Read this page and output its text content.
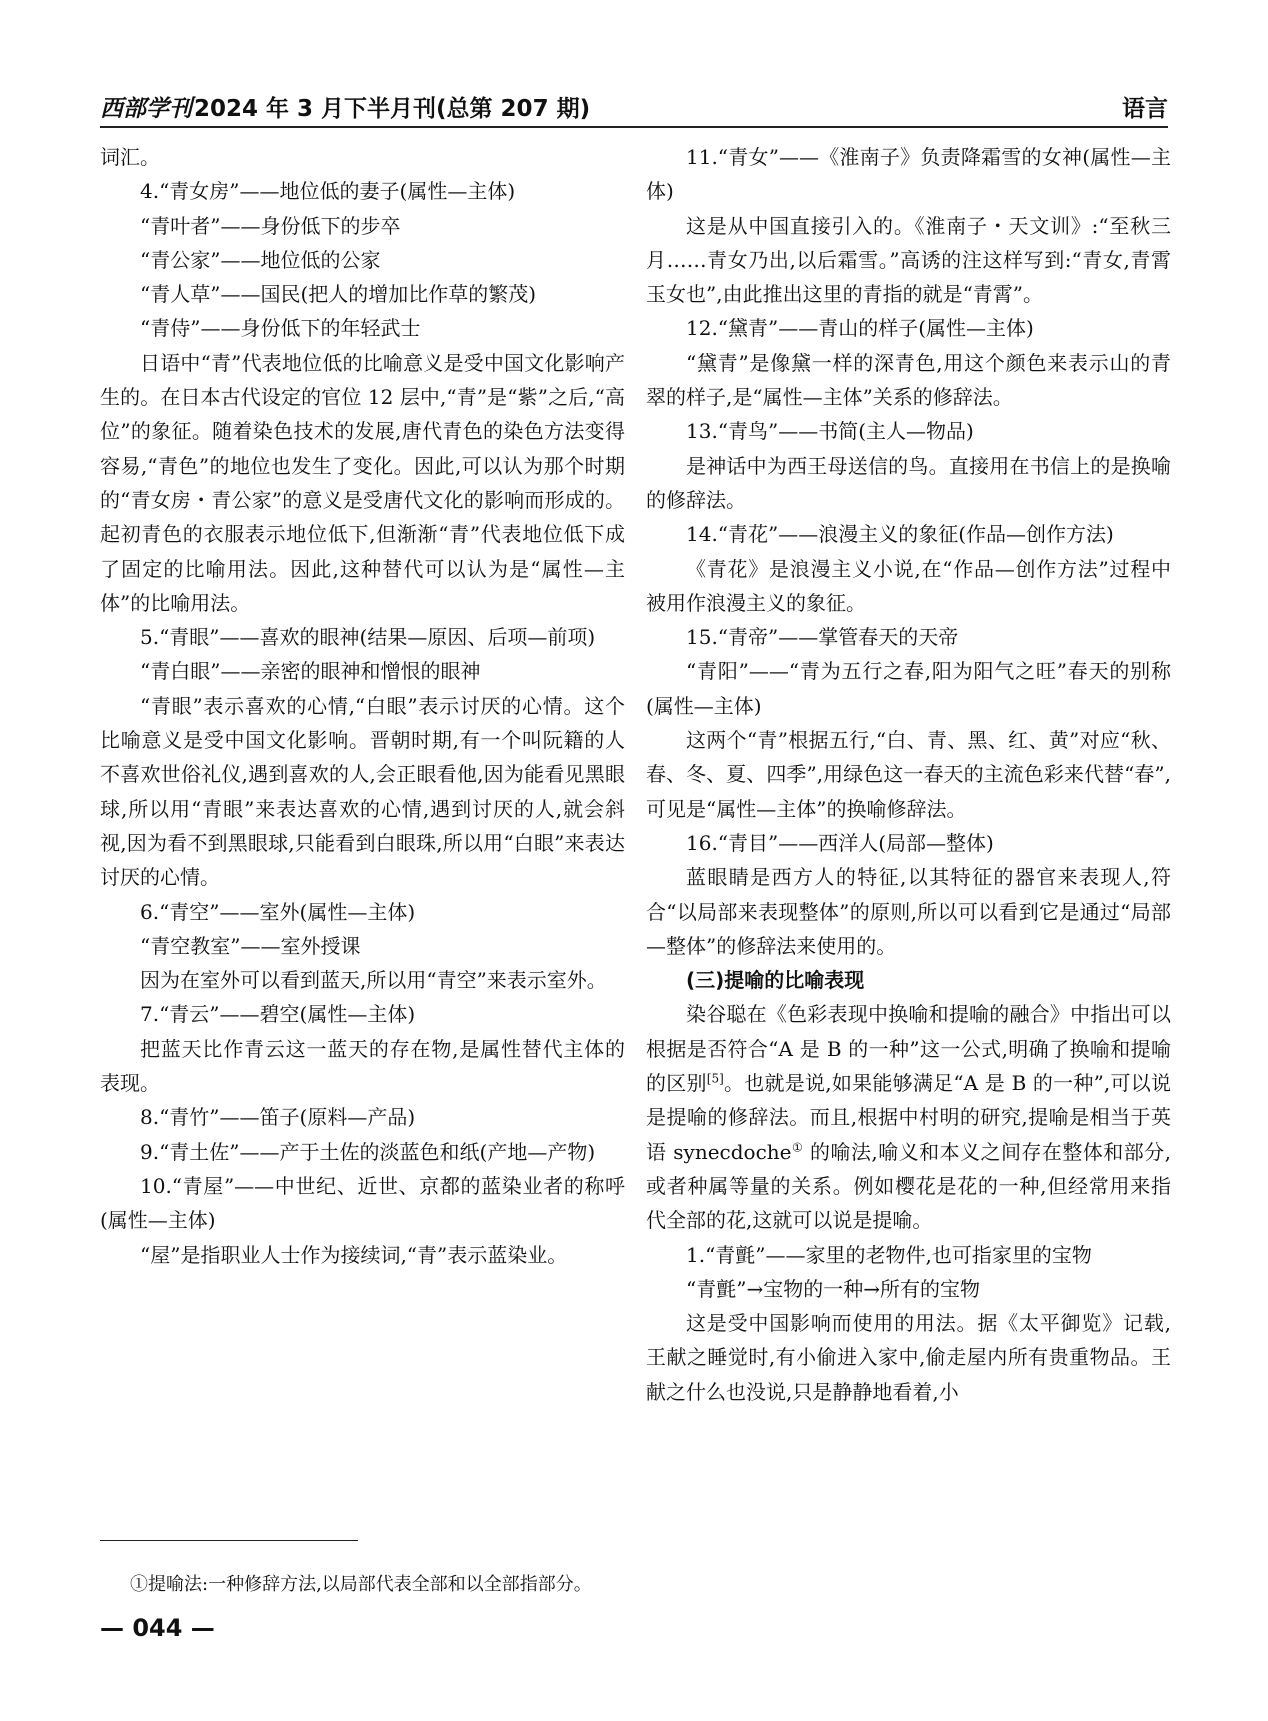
西部学刊2024 年 3 月下半月刊(总第 207 期)	语言

词汇。

4.“青女房”——地位低的妻子(属性—主体)

“青叶者”——身份低下的步卒

“青公家”——地位低的公家

“青人草”——国民(把人的增加比作草的繁茂)

“青侍”——身份低下的年轻武士

日语中“青”代表地位低的比喻意义是受中国文化影响产生的。在日本古代设定的官位 12 层中,“青”是“紫”之后,“高位”的象征。随着染色技术的发展,唐代青色的染色方法变得容易,“青色”的地位也发生了变化。因此,可以认为那个时期的“青女房・青公家”的意义是受唐代文化的影响而形成的。起初青色的衣服表示地位低下,但渐渐“青”代表地位低下成了固定的比喻用法。因此,这种替代可以认为是“属性—主体”的比喻用法。

5.“青眼”——喜欢的眼神(结果—原因、后项—前项)

“青白眼”——亲密的眼神和憎恨的眼神

“青眼”表示喜欢的心情,“白眼”表示讨厌的心情。这个比喻意义是受中国文化影响。晋朝时期,有一个叫阮籍的人不喜欢世俗礼仪,遇到喜欢的人,会正眼看他,因为能看见黑眼球,所以用“青眼”来表达喜欢的心情,遇到讨厌的人,就会斜视,因为看不到黑眼球,只能看到白眼珠,所以用“白眼”来表达讨厌的心情。

6.“青空”——室外(属性—主体)

“青空教室”——室外授课

因为在室外可以看到蓝天,所以用“青空”来表示室外。

7.“青云”——碧空(属性—主体)

把蓝天比作青云这一蓝天的存在物,是属性替代主体的表现。

8.“青竹”——笛子(原料—产品)

9.“青土佐”——产于土佐的淡蓝色和纸(产地—产物)

10.“青屋”——中世纪、近世、京都的蓝染业者的称呼(属性—主体)

“屋”是指职业人士作为接续词,“青”表示蓝染业。

11.“青女”——《淮南子》负责降霜雪的女神(属性—主体)

这是从中国直接引入的。《淮南子・天文训》:“至秋三月……青女乃出,以后霜雪。”高诱的注这样写到:“青女,青霄玉女也”,由此推出这里的青指的就是“青霄”。

12.“黛青”——青山的样子(属性—主体)

“黛青”是像黛一样的深青色,用这个颜色来表示山的青翠的样子,是“属性—主体”关系的修辞法。

13.“青鸟”——书简(主人—物品)

是神话中为西王母送信的鸟。直接用在书信上的是换喻的修辞法。

14.“青花”——浪漫主义的象征(作品—创作方法)

《青花》是浪漫主义小说,在“作品—创作方法”过程中被用作浪漫主义的象征。

15.“青帝”——掌管春天的天帝

“青阳”——“青为五行之春,阳为阳气之旺”春天的别称(属性—主体)

这两个“青”根据五行,“白、青、黑、红、黄”对应“秋、春、冬、夏、四季”,用绿色这一春天的主流色彩来代替“春”,可见是“属性—主体”的换喻修辞法。

16.“青目”——西洋人(局部—整体)

蓝眼睛是西方人的特征,以其特征的器官来表现人,符合“以局部来表现整体”的原则,所以可以看到它是通过“局部—整体”的修辞法来使用的。

(三)提喻的比喻表现

染谷聪在《色彩表现中换喻和提喻的融合》中指出可以根据是否符合“A 是 B 的一种”这一公式,明确了换喻和提喻的区别[5]。也就是说,如果能够满足“A 是 B 的一种”,可以说是提喻的修辞法。而且,根据中村明的研究,提喻是相当于英语 synecdoche① 的喻法,喻义和本义之间存在整体和部分,或者种属等量的关系。例如樱花是花的一种,但经常用来指代全部的花,这就可以说是提喻。

1.“青氈”——家里的老物件,也可指家里的宝物

“青氈”→宝物的一种→所有的宝物

这是受中国影响而使用的用法。据《太平御览》记载,王献之睡觉时,有小偷进入家中,偷走屋内所有贵重物品。王献之什么也没说,只是静静地看着,小

①提喻法:一种修辞方法,以局部代表全部和以全部指部分。
— 044 —
